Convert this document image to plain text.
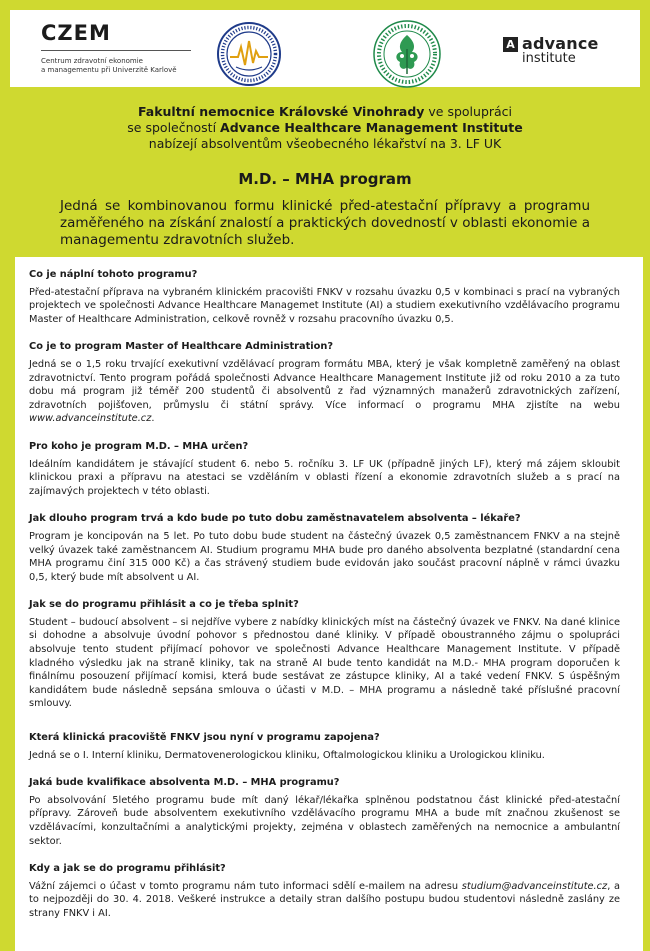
CZEM
Centrum zdravotní ekonomie
a managementu při Univerzitě Karlově
A advance
institute
Fakultní nemocnice Královské Vinohrady ve spolupráci
se společností Advance Healthcare Management Institute
nabízejí absolventům všeobecného lékařství na 3. LF UK
M.D. – MHA program
Jedná se kombinovanou formu klinické před-atestační přípravy a programu zaměřeného na získání znalostí a praktických dovedností v oblasti ekonomie a managementu zdravotních služeb.

Co je náplní tohoto programu?

Před-atestační příprava na vybraném klinickém pracovišti FNKV v rozsahu úvazku 0,5 v kombinaci s prací na vybraných projektech ve společnosti Advance Healthcare Managemet Institute (AI) a studiem exekutivního vzdělávacího programu Master of Healthcare Administration, celkově rovněž v rozsahu pracovního úvazku 0,5.

Co je to program Master of Healthcare Administration?

Jedná se o 1,5 roku trvající exekutivní vzdělávací program formátu MBA, který je však kompletně zaměřený na oblast zdravotnictví. Tento program pořádá společnosti Advance Healthcare Management Institute již od roku 2010 a za tuto dobu má program již téměř 200 studentů či absolventů z řad významných manažerů zdravotnických zařízení, zdravotních pojišťoven, průmyslu či státní správy. Více informací o programu MHA zjistíte na webu www.advanceinstitute.cz.

Pro koho je program M.D. – MHA určen?

Ideálním kandidátem je stávající student 6. nebo 5. ročníku 3. LF UK (případně jiných LF), který má zájem skloubit klinickou praxi a přípravu na atestaci se vzděláním v oblasti řízení a ekonomie zdravotních služeb a s prací na zajímavých projektech v této oblasti.

Jak dlouho program trvá a kdo bude po tuto dobu zaměstnavatelem absolventa – lékaře?

Program je koncipován na 5 let. Po tuto dobu bude student na částečný úvazek 0,5 zaměstnancem FNKV a na stejně velký úvazek také zaměstnancem AI. Studium programu MHA bude pro daného absolventa bezplatné (standardní cena MHA programu činí 315 000 Kč) a čas strávený studiem bude evidován jako součást pracovní náplně v rámci úvazku 0,5, který bude mít absolvent u AI.

Jak se do programu přihlásit a co je třeba splnit?

Student – budoucí absolvent – si nejdříve vybere z nabídky klinických míst na částečný úvazek ve FNKV. Na dané klinice si dohodne a absolvuje úvodní pohovor s přednostou dané kliniky. V případě oboustranného zájmu o spolupráci absolvuje tento student přijímací pohovor ve společnosti Advance Healthcare Management Institute. V případě kladného výsledku jak na straně kliniky, tak na straně AI bude tento kandidát na M.D.- MHA program doporučen k finálnímu posouzení přijímací komisi, která bude sestávat ze zástupce kliniky, AI a také vedení FNKV. S úspěšným kandidátem bude následně sepsána smlouva o účasti v M.D. – MHA programu a následně také příslušné pracovní smlouvy.

Která klinická pracoviště FNKV jsou nyní v programu zapojena?

Jedná se o I. Interní kliniku, Dermatovenerologickou kliniku, Oftalmologickou kliniku a Urologickou kliniku.

Jaká bude kvalifikace absolventa M.D. – MHA programu?

Po absolvování 5letého programu bude mít daný lékař/lékařka splněnou podstatnou část klinické před-atestační přípravy. Zároveň bude absolventem exekutivního vzdělávacího programu MHA a bude mít značnou zkušenost se vzdělávacími, konzultačními a analytickými projekty, zejména v oblastech zaměřených na nemocnice a ambulantní sektor.

Kdy a jak se do programu přihlásit?

Vážní zájemci o účast v tomto programu nám tuto informaci sdělí e-mailem na adresu studium@advanceinstitute.cz, a to nejpozději do 30. 4. 2018. Veškeré instrukce a detaily stran dalšího postupu budou studentovi následně zaslány ze strany FNKV i AI.
